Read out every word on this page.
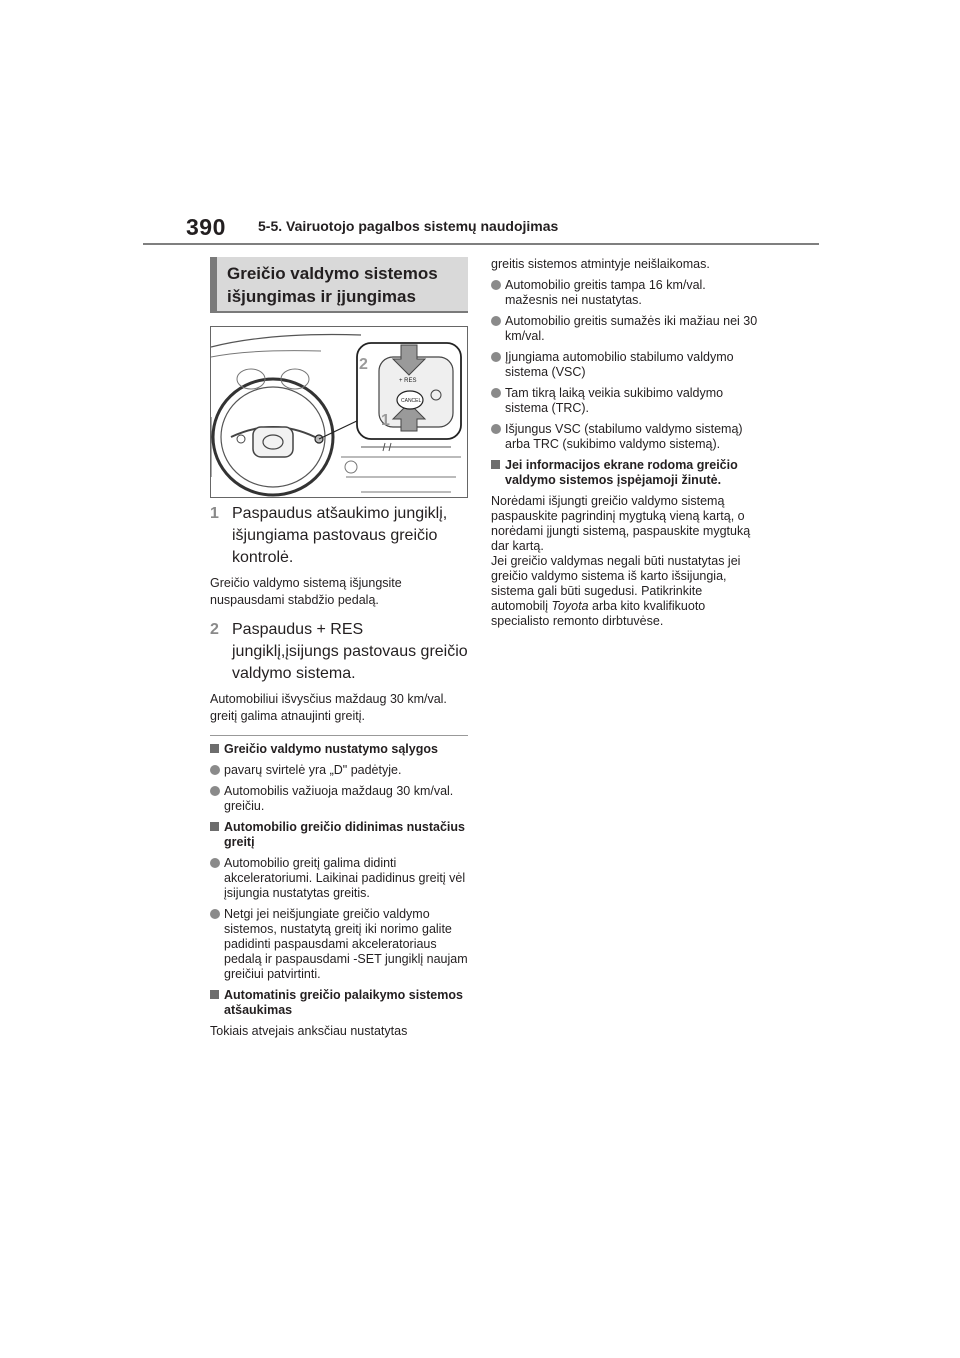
390 5-5. Vairuotojo pagalbos sistemų naudojimas
Greičio valdymo sistemos išjungimas ir įjungimas
+ RES
CANCEL
2
1
1 Paspaudus atšaukimo jungiklį, išjungiama pastovaus greičio kontrolė.
Greičio valdymo sistemą išjungsite nuspausdami stabdžio pedalą.
2 Paspaudus + RES jungiklį,įsijungs pastovaus greičio valdymo sistema.
Automobiliui išvysčius maždaug 30 km/val. greitį galima atnaujinti greitį.
Greičio valdymo nustatymo sąlygos
pavarų svirtelė yra „D" padėtyje.
Automobilis važiuoja maždaug 30 km/val. greičiu.
Automobilio greičio didinimas nustačius greitį
Automobilio greitį galima didinti akceleratoriumi. Laikinai padidinus greitį vėl įsijungia nustatytas greitis.
Netgi jei neišjungiate greičio valdymo sistemos, nustatytą greitį iki norimo galite padidinti paspausdami akceleratoriaus pedalą ir paspausdami -SET jungiklį naujam greičiui patvirtinti.
Automatinis greičio palaikymo sistemos atšaukimas
Tokiais atvejais anksčiau nustatytas
greitis sistemos atmintyje neišlaikomas.
Automobilio greitis tampa 16 km/val. mažesnis nei nustatytas.
Automobilio greitis sumažės iki mažiau nei 30 km/val.
Įjungiama automobilio stabilumo valdymo sistema (VSC)
Tam tikrą laiką veikia sukibimo valdymo sistema (TRC).
Išjungus VSC (stabilumo valdymo sistemą) arba TRC (sukibimo valdymo sistemą).
Jei informacijos ekrane rodoma greičio valdymo sistemos įspėjamoji žinutė.
Norėdami išjungti greičio valdymo sistemą paspauskite pagrindinį mygtuką vieną kartą, o norėdami įjungti sistemą, paspauskite mygtuką dar kartą.
Jei greičio valdymas negali būti nustatytas jei greičio valdymo sistema iš karto išsijungia, sistema gali būti sugedusi. Patikrinkite automobilį Toyota arba kito kvalifikuoto specialisto remonto dirbtuvėse.
